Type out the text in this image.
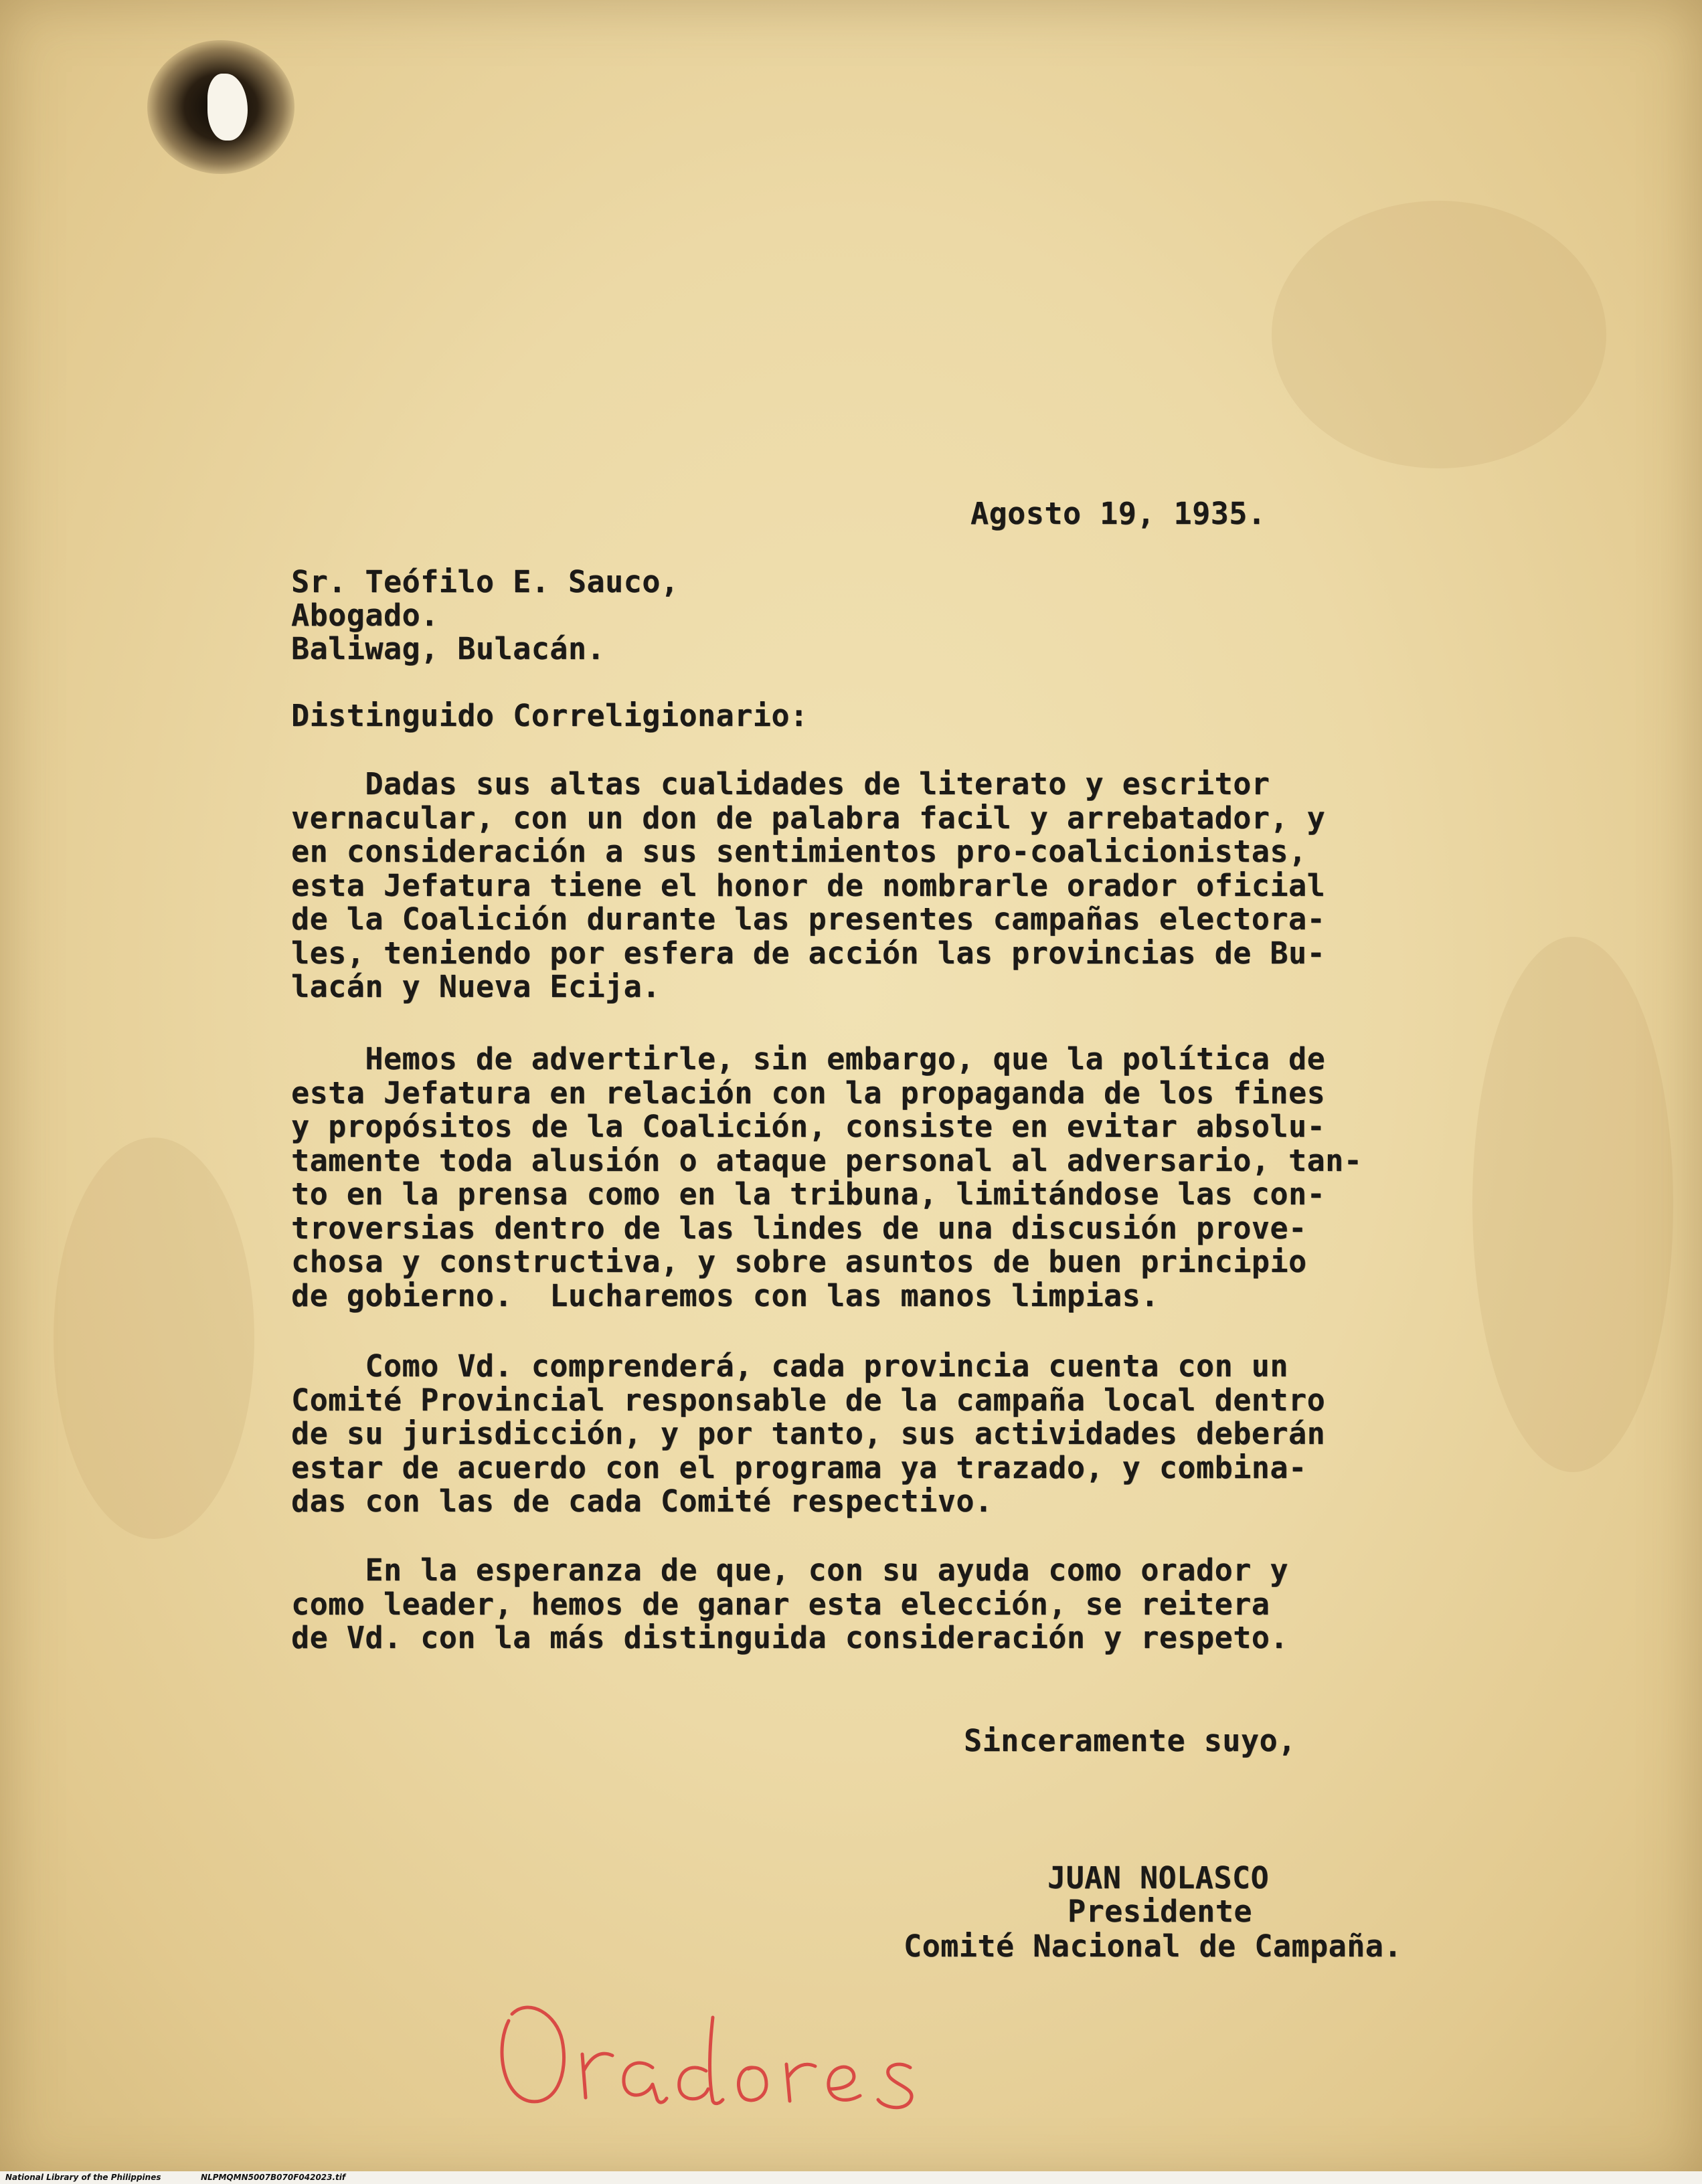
Agosto 19, 1935.

Sr. Teófilo E. Sauco,

Abogado.

Baliwag, Bulacán.

Distinguido Correligionario:

Dadas sus altas cualidades de literato y escritor
vernacular, con un don de palabra facil y arrebatador, y
en consideración a sus sentimientos pro-coalicionistas,
esta Jefatura tiene el honor de nombrarle orador oficial
de la Coalición durante las presentes campañas electora-
les, teniendo por esfera de acción las provincias de Bu-
lacán y Nueva Ecija.
Hemos de advertirle, sin embargo, que la política de
esta Jefatura en relación con la propaganda de los fines
y propósitos de la Coalición, consiste en evitar absolu-
tamente toda alusión o ataque personal al adversario, tan-
to en la prensa como en la tribuna, limitándose las con-
troversias dentro de las lindes de una discusión prove-
chosa y constructiva, y sobre asuntos de buen principio
de gobierno.  Lucharemos con las manos limpias.
Como Vd. comprenderá, cada provincia cuenta con un
Comité Provincial responsable de la campaña local dentro
de su jurisdicción, y por tanto, sus actividades deberán
estar de acuerdo con el programa ya trazado, y combina-
das con las de cada Comité respectivo.
En la esperanza de que, con su ayuda como orador y
como leader, hemos de ganar esta elección, se reitera
de Vd. con la más distinguida consideración y respeto.

Sinceramente suyo,

JUAN NOLASCO

Presidente

Comité Nacional de Campaña.

National Library of the Philippines	NLPMQMN5007B070F042023.tif
